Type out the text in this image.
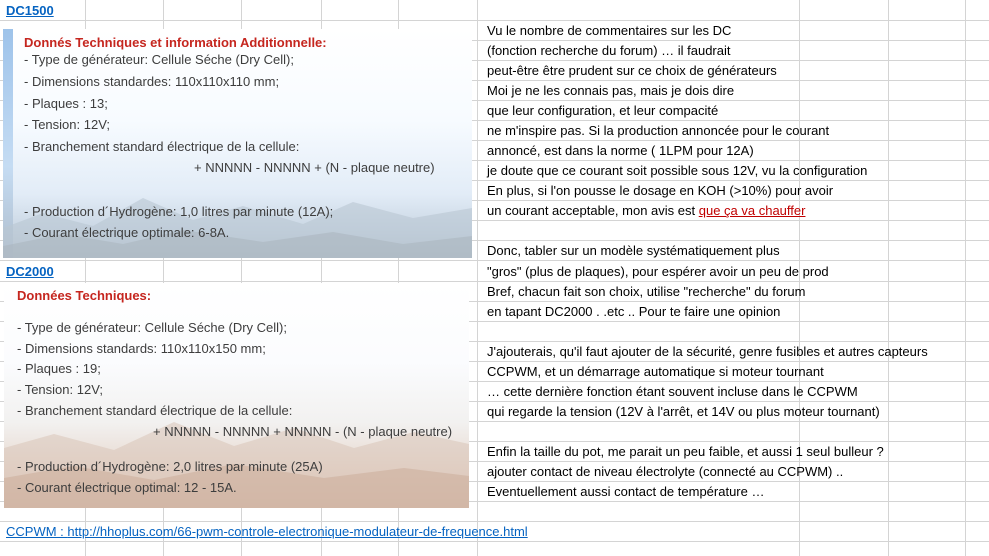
DC1500
Donnés Techniques et information Additionnelle:
- Type de générateur: Cellule Séche (Dry Cell);
- Dimensions standardes: 110x110x110 mm;
- Plaques : 13;
- Tension: 12V;
- Branchement standard électrique de la cellule:
+ NNNNN - NNNNN + (N - plaque neutre)
- Production d´Hydrogène: 1,0 litres par minute (12A);
- Courant électrique optimale: 6-8A.
DC2000
Données Techniques:
- Type de générateur: Cellule Séche (Dry Cell);
- Dimensions standards: 110x110x150 mm;
- Plaques : 19;
- Tension: 12V;
- Branchement standard électrique de la cellule:
+ NNNNN - NNNNN + NNNNN - (N - plaque neutre)
- Production d´Hydrogène: 2,0 litres par minute (25A)
- Courant électrique optimal: 12 - 15A.
Vu le nombre de commentaires sur les DC
(fonction recherche du forum) … il faudrait
peut-être être prudent sur ce choix de générateurs
Moi je ne les connais pas, mais je dois dire
que leur configuration, et leur compacité
ne m'inspire pas. Si la production annoncée pour le courant
annoncé, est dans la norme ( 1LPM pour 12A)
je doute que ce courant soit possible sous 12V, vu la configuration
En plus, si l'on pousse le dosage en KOH (>10%) pour avoir
un courant acceptable, mon avis est que ça va chauffer
Donc, tabler sur un modèle systématiquement plus
"gros" (plus de plaques), pour espérer avoir un peu de prod
Bref, chacun fait son choix, utilise "recherche" du forum
en tapant DC2000 . .etc .. Pour te faire une opinion
J'ajouterais, qu'il faut ajouter de la sécurité, genre fusibles et autres capteurs
CCPWM, et un démarrage automatique si moteur tournant
… cette dernière fonction étant souvent incluse dans le CCPWM
qui regarde la tension (12V à l'arrêt, et 14V ou plus moteur tournant)
Enfin la taille du pot, me parait un peu faible, et aussi 1 seul bulleur ?
ajouter contact de niveau électrolyte (connecté au CCPWM) ..
Eventuellement aussi contact de température …
CCPWM : http://hhoplus.com/66-pwm-controle-electronique-modulateur-de-frequence.html
